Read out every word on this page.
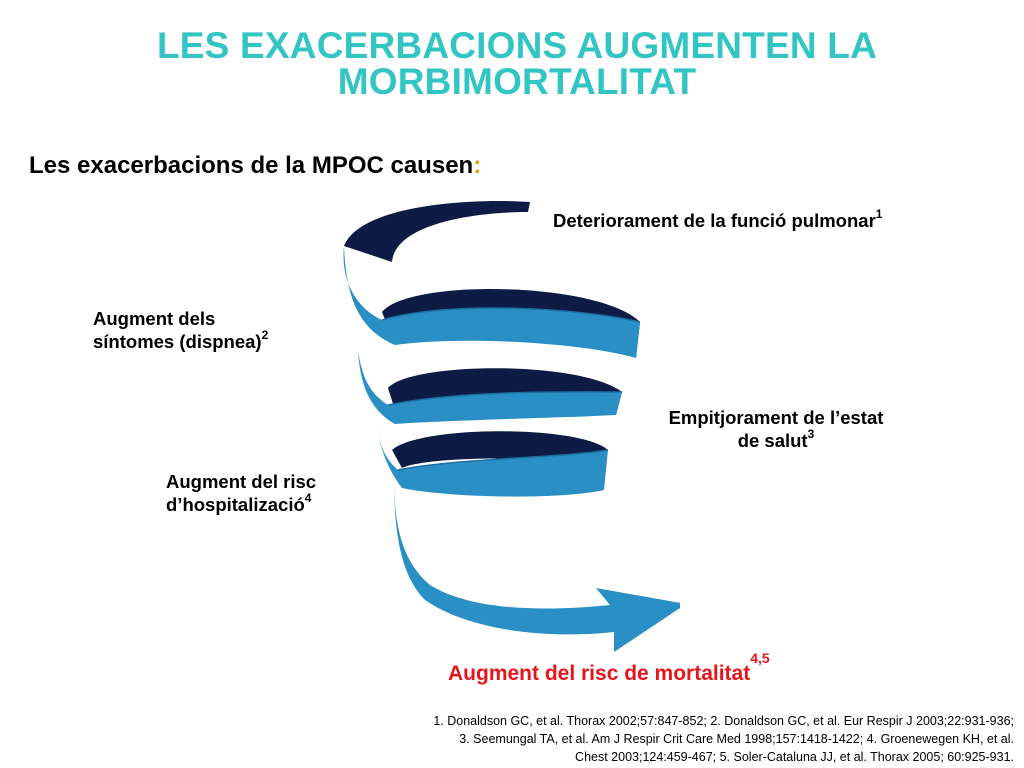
LES EXACERBACIONS AUGMENTEN LA
MORBIMORTALITAT
Les exacerbacions de la MPOC causen:
Deteriorament de la funció pulmonar$^1$
Augment dels
síntomes (dispnea)$^2$
Empitjorament de l’estat
de salut$^3$
Augment del risc
d’hospitalizació$^4$
Augment del risc de mortalitat$^{4,5}$
1. Donaldson GC, et al. Thorax 2002;57:847-852; 2. Donaldson GC, et al. Eur Respir J 2003;22:931-936;
3. Seemungal TA, et al. Am J Respir Crit Care Med 1998;157:1418-1422; 4. Groenewegen KH, et al.
Chest 2003;124:459-467; 5. Soler-Cataluna JJ, et al. Thorax 2005; 60:925-931.
